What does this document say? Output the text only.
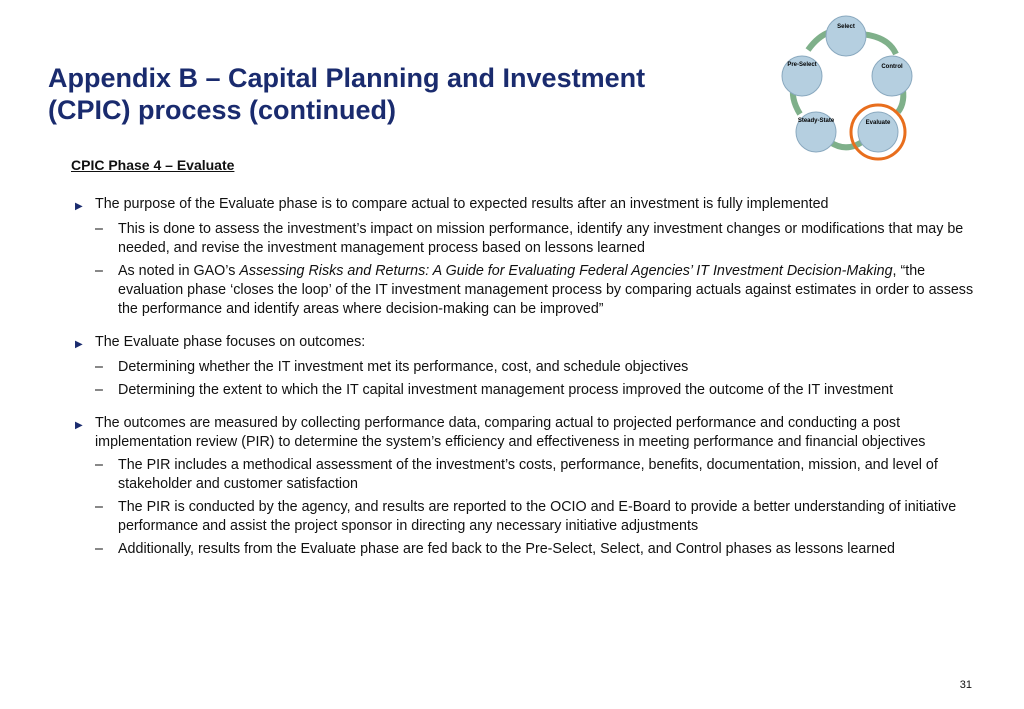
Appendix B – Capital Planning and Investment (CPIC) process (continued)
Select
Control
Evaluate
Steady-State
Pre-Select
CPIC Phase 4 – Evaluate
▶ The purpose of the Evaluate phase is to compare actual to expected results after an investment is fully implemented
–	This is done to assess the investment’s impact on mission performance, identify any investment changes or modifications that may be needed, and revise the investment management process based on lessons learned
–	As noted in GAO’s Assessing Risks and Returns: A Guide for Evaluating Federal Agencies’ IT Investment Decision-Making, “the evaluation phase ‘closes the loop’ of the IT investment management process by comparing actuals against estimates in order to assess the performance and identify areas where decision-making can be improved”
▶ The Evaluate phase focuses on outcomes:
–	Determining whether the IT investment met its performance, cost, and schedule objectives
–	Determining the extent to which the IT capital investment management process improved the outcome of the IT investment
▶ The outcomes are measured by collecting performance data, comparing actual to projected performance and conducting a post implementation review (PIR) to determine the system’s efficiency and effectiveness in meeting performance and financial objectives
–	The PIR includes a methodical assessment of the investment’s costs, performance, benefits, documentation, mission, and level of stakeholder and customer satisfaction
–	The PIR is conducted by the agency, and results are reported to the OCIO and E-Board to provide a better understanding of initiative performance and assist the project sponsor in directing any necessary initiative adjustments
–	Additionally, results from the Evaluate phase are fed back to the Pre-Select, Select, and Control phases as lessons learned
31
